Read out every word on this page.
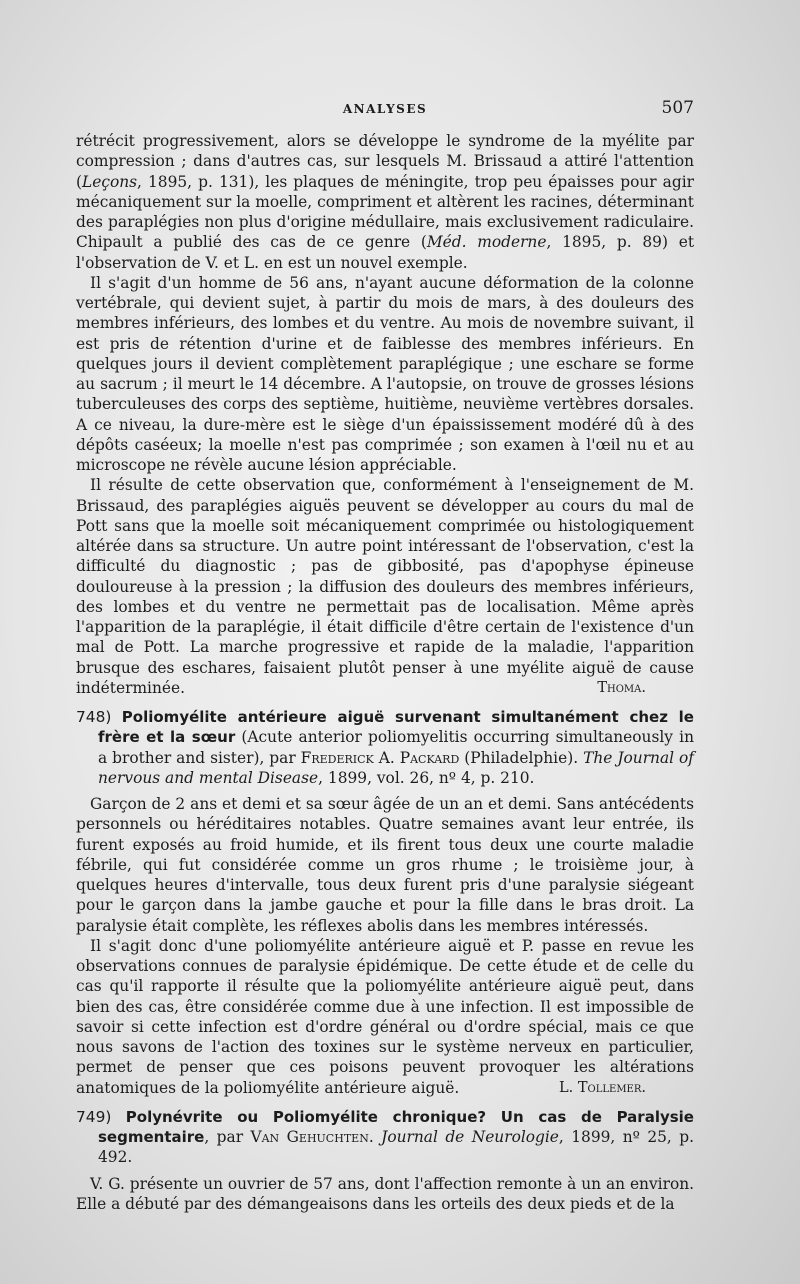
ANALYSES	507

rétrécit progressivement, alors se développe le syndrome de la myélite par compression ; dans d'autres cas, sur lesquels M. Brissaud a attiré l'attention (Leçons, 1895, p. 131), les plaques de méningite, trop peu épaisses pour agir mécaniquement sur la moelle, compriment et altèrent les racines, déterminant des paraplégies non plus d'origine médullaire, mais exclusivement radiculaire. Chipault a publié des cas de ce genre (Méd. moderne, 1895, p. 89) et l'observation de V. et L. en est un nouvel exemple.

Il s'agit d'un homme de 56 ans, n'ayant aucune déformation de la colonne vertébrale, qui devient sujet, à partir du mois de mars, à des douleurs des membres inférieurs, des lombes et du ventre. Au mois de novembre suivant, il est pris de rétention d'urine et de faiblesse des membres inférieurs. En quelques jours il devient complètement paraplégique ; une eschare se forme au sacrum ; il meurt le 14 décembre. A l'autopsie, on trouve de grosses lésions tuberculeuses des corps des septième, huitième, neuvième vertèbres dorsales. A ce niveau, la dure-mère est le siège d'un épaississement modéré dû à des dépôts caséeux; la moelle n'est pas comprimée ; son examen à l'œil nu et au microscope ne révèle aucune lésion appréciable.

Il résulte de cette observation que, conformément à l'enseignement de M. Brissaud, des paraplégies aiguës peuvent se développer au cours du mal de Pott sans que la moelle soit mécaniquement comprimée ou histologiquement altérée dans sa structure. Un autre point intéressant de l'observation, c'est la difficulté du diagnostic ; pas de gibbosité, pas d'apophyse épineuse douloureuse à la pression ; la diffusion des douleurs des membres inférieurs, des lombes et du ventre ne permettait pas de localisation. Même après l'apparition de la paraplégie, il était difficile d'être certain de l'existence d'un mal de Pott. La marche progressive et rapide de la maladie, l'apparition brusque des eschares, faisaient plutôt penser à une myélite aiguë de cause indéterminée.	Thoma.

748) Poliomyélite antérieure aiguë survenant simultanément chez le frère et la sœur (Acute anterior poliomyelitis occurring simultaneously in a brother and sister), par Frederick A. Packard (Philadelphie). The Journal of nervous and mental Disease, 1899, vol. 26, nº 4, p. 210.

Garçon de 2 ans et demi et sa sœur âgée de un an et demi. Sans antécédents personnels ou héréditaires notables. Quatre semaines avant leur entrée, ils furent exposés au froid humide, et ils firent tous deux une courte maladie fébrile, qui fut considérée comme un gros rhume ; le troisième jour, à quelques heures d'intervalle, tous deux furent pris d'une paralysie siégeant pour le garçon dans la jambe gauche et pour la fille dans le bras droit. La paralysie était complète, les réflexes abolis dans les membres intéressés.

Il s'agit donc d'une poliomyélite antérieure aiguë et P. passe en revue les observations connues de paralysie épidémique. De cette étude et de celle du cas qu'il rapporte il résulte que la poliomyélite antérieure aiguë peut, dans bien des cas, être considérée comme due à une infection. Il est impossible de savoir si cette infection est d'ordre général ou d'ordre spécial, mais ce que nous savons de l'action des toxines sur le système nerveux en particulier, permet de penser que ces poisons peuvent provoquer les altérations anatomiques de la poliomyélite antérieure aiguë.	L. Tollemer.

749) Polynévrite ou Poliomyélite chronique? Un cas de Paralysie segmentaire, par Van Gehuchten. Journal de Neurologie, 1899, nº 25, p. 492.

V. G. présente un ouvrier de 57 ans, dont l'affection remonte à un an environ. Elle a débuté par des démangeaisons dans les orteils des deux pieds et de la
